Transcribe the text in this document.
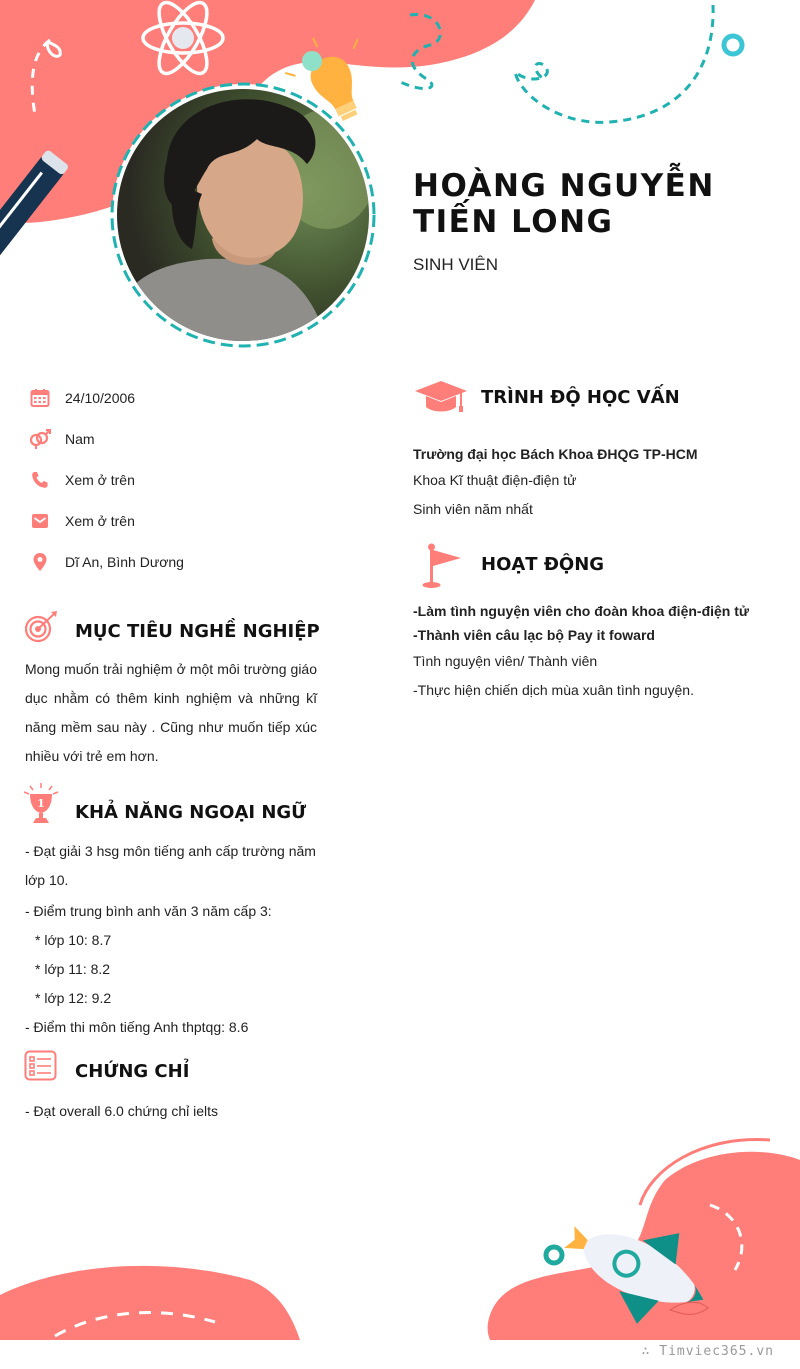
HOÀNG NGUYỄN TIẾN LONG
SINH VIÊN
24/10/2006
Nam
Xem ở trên
Xem ở trên
Dĩ An, Bình Dương
MỤC TIÊU NGHỀ NGHIỆP

Mong muốn trải nghiệm ở một môi trường giáo dục nhằm có thêm kinh nghiệm và những kĩ năng mềm sau này . Cũng như muốn tiếp xúc nhiều với trẻ em hơn.

1 KHẢ NĂNG NGOẠI NGỮ

- Đạt giải 3 hsg môn tiếng anh cấp trường năm lớp 10.

- Điểm trung bình anh văn 3 năm cấp 3:
* lớp 10: 8.7
* lớp 11: 8.2
* lớp 12: 9.2
- Điểm thi môn tiếng Anh thptqg: 8.6
CHỨNG CHỈ
- Đạt overall 6.0 chứng chỉ ielts
TRÌNH ĐỘ HỌC VẤN
Trường đại học Bách Khoa ĐHQG TP-HCM
Khoa Kĩ thuật điện-điện tử
Sinh viên năm nhất
HOẠT ĐỘNG
-Làm tình nguyện viên cho đoàn khoa điện-điện tử
-Thành viên câu lạc bộ Pay it foward
Tình nguyện viên/ Thành viên
-Thực hiện chiến dịch mùa xuân tình nguyện.
∴ Timviec365.vn
